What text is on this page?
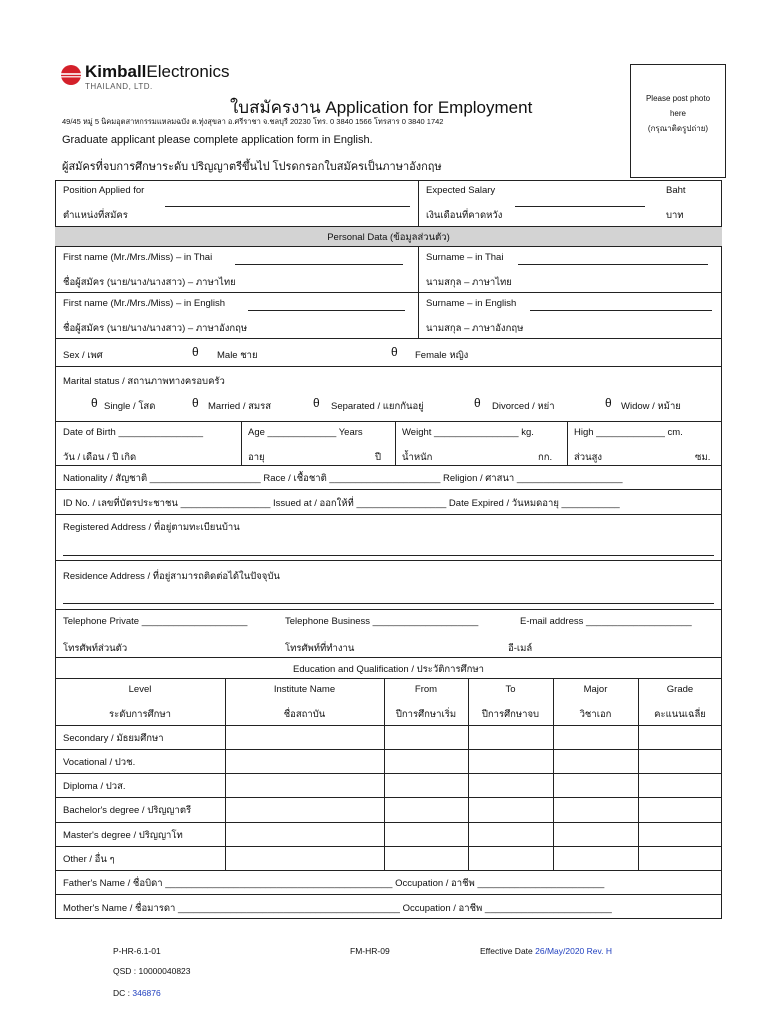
KimballElectronics
THAILAND, LTD.
ใบสมัครงาน Application for Employment
49/45 หมู่ 5 นิคมอุตสาหกรรมแหลมฉบัง ต.ทุ่งสุขลา อ.ศรีราชา จ.ชลบุรี 20230 โทร. 0 3840 1566 โทรสาร 0 3840 1742
Graduate applicant please complete application form in English.
ผู้สมัครที่จบการศึกษาระดับ ปริญญาตรีขึ้นไป โปรดกรอกใบสมัครเป็นภาษาอังกฤษ
Please post photo
here
(กรุณาติดรูปถ่าย)
Position Applied for
ตำแหน่งที่สมัคร
Expected Salary
เงินเดือนที่คาดหวัง
Baht
บาท
Personal Data (ข้อมูลส่วนตัว)
First name (Mr./Mrs./Miss) – in Thai
ชื่อผู้สมัคร (นาย/นาง/นางสาว) – ภาษาไทย
Surname – in Thai
นามสกุล – ภาษาไทย
First name (Mr./Mrs./Miss) – in English
ชื่อผู้สมัคร (นาย/นาง/นางสาว) – ภาษาอังกฤษ
Surname – in English
นามสกุล – ภาษาอังกฤษ
Sex / เพศ	θ Male ชาย	θ Female หญิง
Marital status / สถานภาพทางครอบครัว
θ Single / โสด	θ Married / สมรส	θ Separated / แยกกันอยู่	θ Divorced / หย่า	θ Widow / หม้าย
Date of Birth ________________
วัน / เดือน / ปี เกิด
Age _____________ Years
อายุ	ปี
Weight ________________ kg.
น้ำหนัก	กก.
High _____________ cm.
ส่วนสูง	ซม.
Nationality / สัญชาติ _____________________ Race / เชื้อชาติ _____________________ Religion / ศาสนา ____________________
ID No. / เลขที่บัตรประชาชน _________________ Issued at / ออกให้ที่ _________________ Date Expired / วันหมดอายุ ___________
Registered Address / ที่อยู่ตามทะเบียนบ้าน
Residence Address / ที่อยู่สามารถติดต่อได้ในปัจจุบัน
Telephone Private ____________________
โทรศัพท์ส่วนตัว
Telephone Business ____________________
โทรศัพท์ที่ทำงาน
E-mail address ____________________
อี-เมล์
Education and Qualification / ประวัติการศึกษา
Level	Institute Name	From	To	Major	Grade
ระดับการศึกษา	ชื่อสถาบัน	ปีการศึกษาเริ่ม	ปีการศึกษาจบ	วิชาเอก	คะแนนเฉลี่ย
Secondary / มัธยมศึกษา
Vocational / ปวช.
Diploma / ปวส.
Bachelor's degree / ปริญญาตรี
Master's degree / ปริญญาโท
Other / อื่น ๆ
Father's Name / ชื่อบิดา ___________________________________________ Occupation / อาชีพ ________________________
Mother's Name / ชื่อมารดา __________________________________________ Occupation / อาชีพ ________________________
P-HR-6.1-01	FM-HR-09	Effective Date 26/May/2020 Rev. H
QSD : 10000040823
DC : 346876
